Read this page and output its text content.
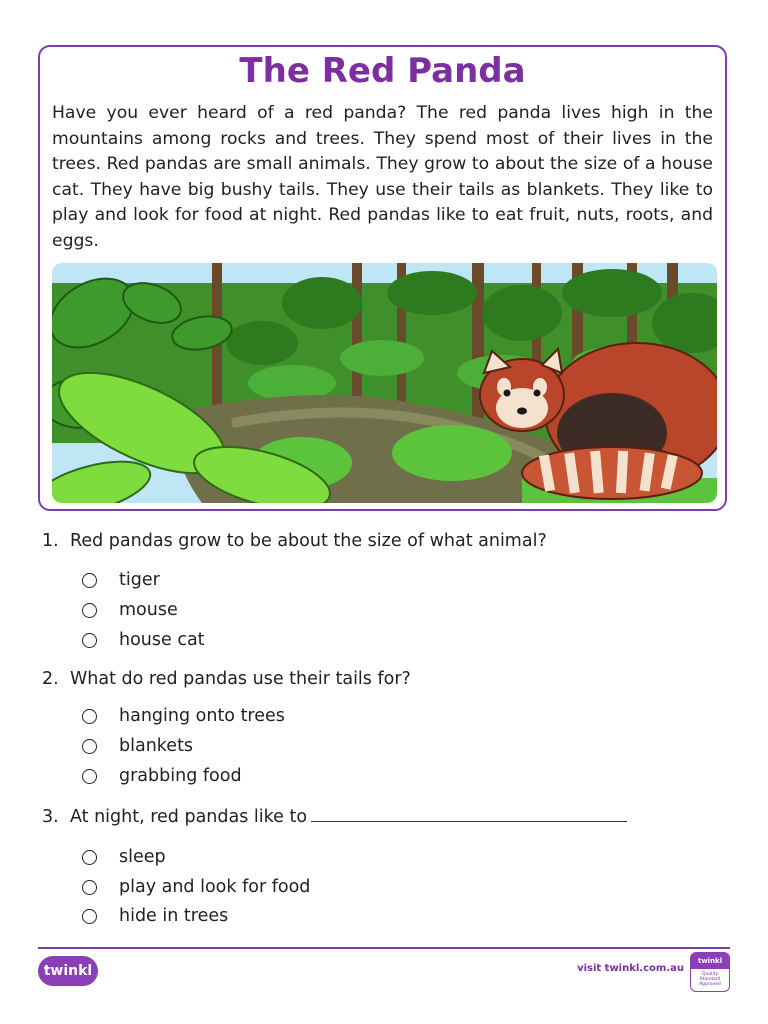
The Red Panda

Have you ever heard of a red panda? The red panda lives high in the mountains among rocks and trees. They spend most of their lives in the trees. Red pandas are small animals. They grow to about the size of a house cat. They have big bushy tails. They use their tails as blankets. They like to play and look for food at night. Red pandas like to eat fruit, nuts, roots, and eggs.

1. Red pandas grow to be about the size of what animal?

tiger
mouse
house cat

2. What do red pandas use their tails for?

hanging onto trees
blankets
grabbing food

3. At night, red pandas like to

sleep
play and look for food
hide in trees
twinkl	visit twinkl.com.au
twinkl
Quality Standard Approved
